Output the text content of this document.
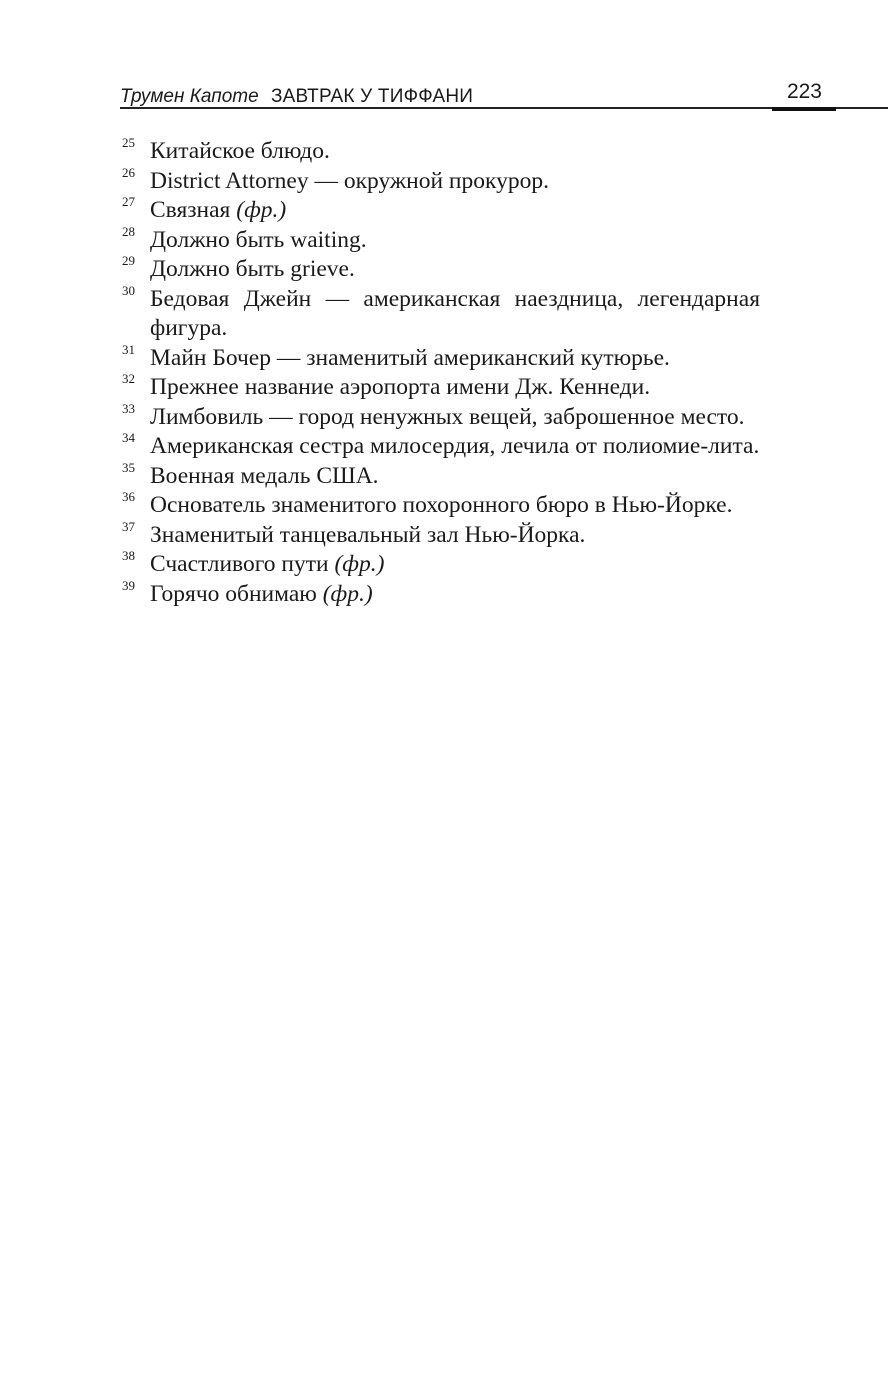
Трумен Капоте ЗАВТРАК У ТИФФАНИ	223
25 Китайское блюдо.
26 District Attorney — окружной прокурор.
27 Связная (фр.)
28 Должно быть waiting.
29 Должно быть grieve.
30 Бедовая Джейн — американская наездница, легендарная фигура.
31 Майн Бочер — знаменитый американский кутюрье.
32 Прежнее название аэропорта имени Дж. Кеннеди.
33 Лимбовиль — город ненужных вещей, заброшенное место.
34 Американская сестра милосердия, лечила от полиомие-лита.
35 Военная медаль США.
36 Основатель знаменитого похоронного бюро в Нью-Йорке.
37 Знаменитый танцевальный зал Нью-Йорка.
38 Счастливого пути (фр.)
39 Горячо обнимаю (фр.)
